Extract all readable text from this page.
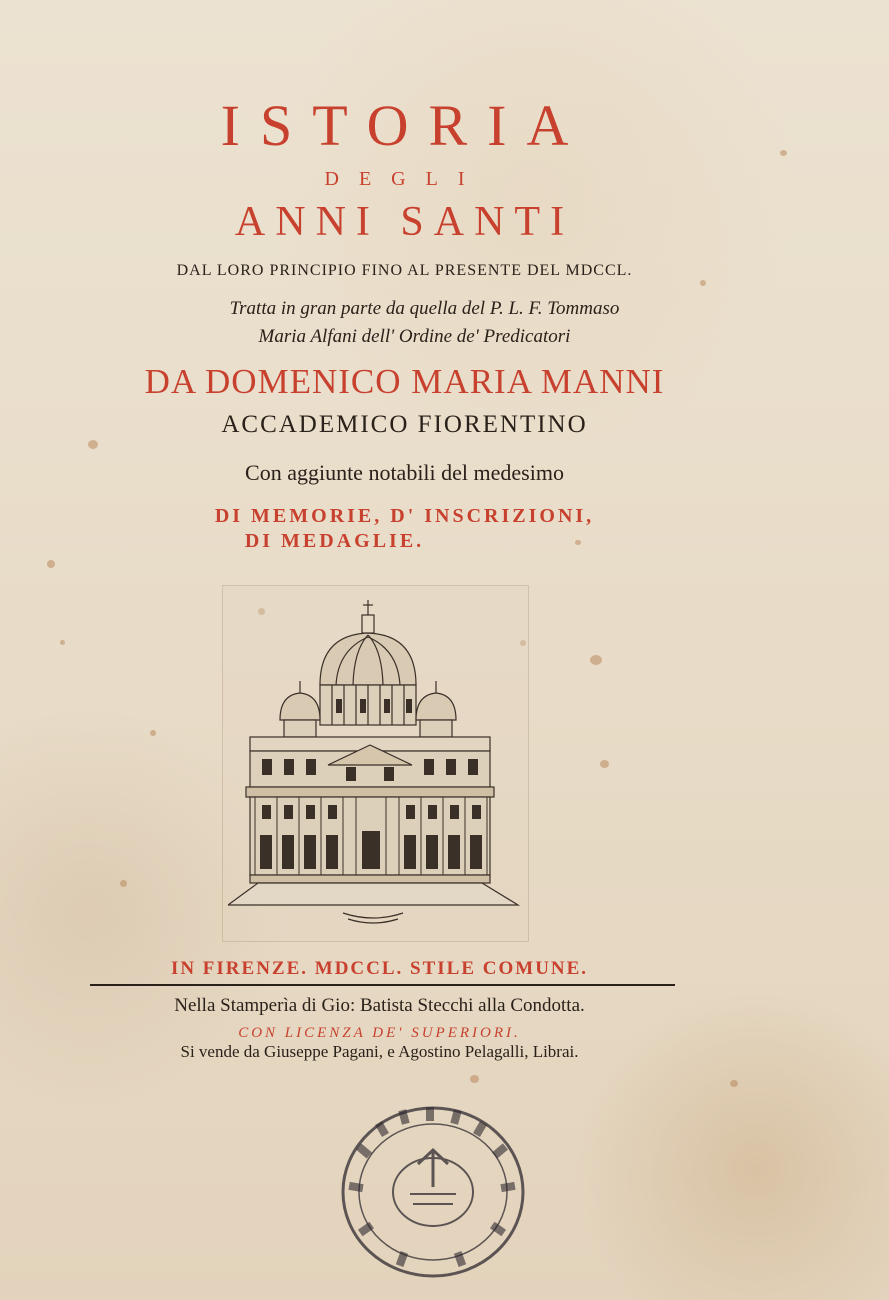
ISTORIA
DEGLI
ANNI SANTI
DAL LORO PRINCIPIO FINO AL PRESENTE DEL MDCCL.
Tratta in gran parte da quella del P. L. F. Tommaso
Maria Alfani dell' Ordine de' Predicatori
DA DOMENICO MARIA MANNI
ACCADEMICO FIORENTINO
Con aggiunte notabili del medesimo
DI MEMORIE, D' INSCRIZIONI,
DI MEDAGLIE.
IN FIRENZE. MDCCL. STILE COMUNE.
Nella Stamperìa di Gio: Batista Stecchi alla Condotta.
CON LICENZA DE' SUPERIORI.
Si vende da Giuseppe Pagani, e Agostino Pelagalli, Librai.
